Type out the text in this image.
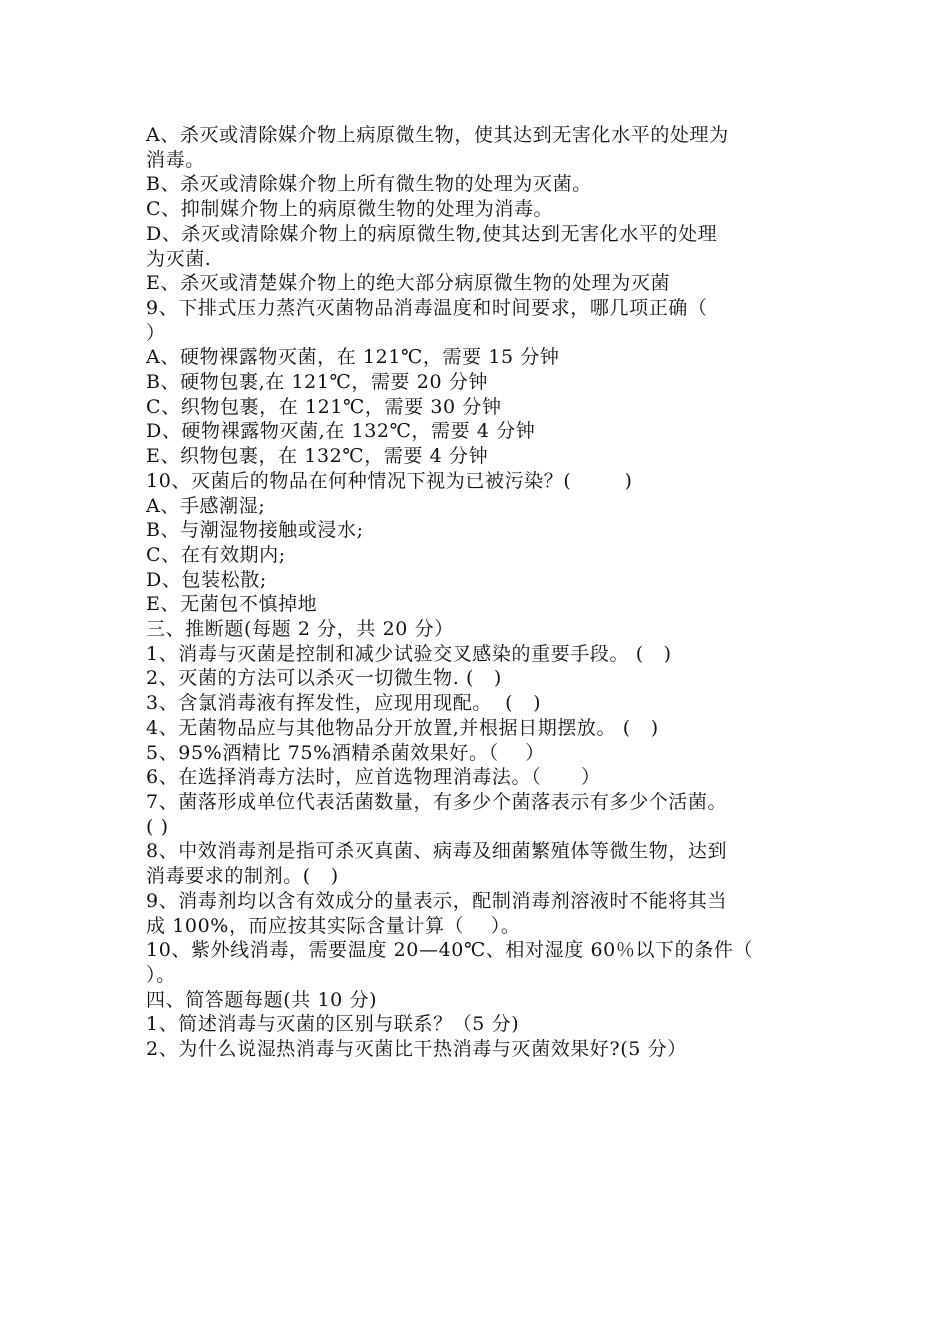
A、杀灭或清除媒介物上病原微生物，使其达到无害化水平的处理为
消毒。
B、杀灭或清除媒介物上所有微生物的处理为灭菌。
C、抑制媒介物上的病原微生物的处理为消毒。
D、杀灭或清除媒介物上的病原微生物,使其达到无害化水平的处理
为灭菌.
E、杀灭或清楚媒介物上的绝大部分病原微生物的处理为灭菌
9、下排式压力蒸汽灭菌物品消毒温度和时间要求，哪几项正确（
）
A、硬物裸露物灭菌，在 121℃，需要 15 分钟
B、硬物包裹,在 121℃，需要 20 分钟
C、织物包裹，在 121℃，需要 30 分钟
D、硬物裸露物灭菌,在 132℃，需要 4 分钟
E、织物包裹，在 132℃，需要 4 分钟
10、灭菌后的物品在何种情况下视为已被污染？(        )
A、手感潮湿;
B、与潮湿物接触或浸水;
C、在有效期内;
D、包装松散;
E、无菌包不慎掉地
三、推断题(每题 2 分，共 20 分）
1、消毒与灭菌是控制和减少试验交叉感染的重要手段。 (   )
2、灭菌的方法可以杀灭一切微生物. (   )
3、含氯消毒液有挥发性，应现用现配。  (   )
4、无菌物品应与其他物品分开放置,并根据日期摆放。 (   )
5、95%酒精比 75%酒精杀菌效果好。（    ）
6、在选择消毒方法时，应首选物理消毒法。（      ）
7、菌落形成单位代表活菌数量，有多少个菌落表示有多少个活菌。
( )
8、中效消毒剂是指可杀灭真菌、病毒及细菌繁殖体等微生物，达到
消毒要求的制剂。(   )
9、消毒剂均以含有效成分的量表示，配制消毒剂溶液时不能将其当
成 100%，而应按其实际含量计算（    ）。
10、紫外线消毒，需要温度 20—40℃、相对湿度 60％以下的条件（
）。
四、简答题每题(共 10 分)
1、简述消毒与灭菌的区别与联系？（5 分)
2、为什么说湿热消毒与灭菌比干热消毒与灭菌效果好?(5 分）
